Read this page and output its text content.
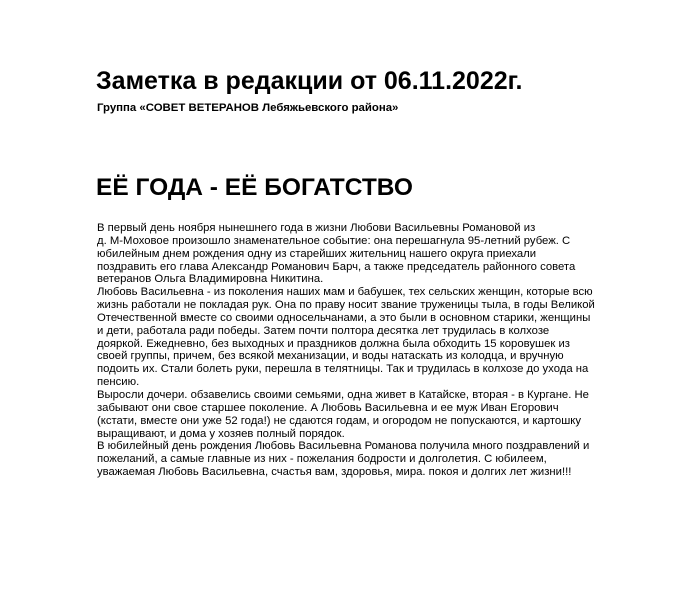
Заметка в редакции от 06.11.2022г.
Группа «СОВЕТ ВЕТЕРАНОВ Лебяжьевского района»
ЕЁ ГОДА - ЕЁ БОГАТСТВО
В первый день ноября нынешнего года в жизни Любови Васильевны Романовой из
д. М-Моховое произошло знаменательное событие: она перешагнула 95-летний рубеж. С
юбилейным днем рождения одну из старейших жительниц нашего округа приехали
поздравить его глава Александр Романович Барч, а также председатель районного совета
ветеранов Ольга Владимировна Никитина.
Любовь Васильевна - из поколения наших мам и бабушек, тех сельских женщин, которые всю
жизнь работали не покладая рук. Она по праву носит звание труженицы тыла, в годы Великой
Отечественной вместе со своими односельчанами, а это были в основном старики, женщины
и дети, работала ради победы. Затем почти полтора десятка лет трудилась в колхозе
дояркой. Ежедневно, без выходных и праздников должна была обходить 15 коровушек из
своей группы, причем, без всякой механизации, и воды натаскать из колодца, и вручную
подоить их. Стали болеть руки, перешла в телятницы. Так и трудилась в колхозе до ухода на
пенсию.
Выросли дочери. обзавелись своими семьями, одна живет в Катайске, вторая - в Кургане. Не
забывают они свое старшее поколение. А Любовь Васильевна и ее муж Иван Егорович
(кстати, вместе они уже 52 года!) не сдаются годам, и огородом не попускаются, и картошку
выращивают, и дома у хозяев полный порядок.
В юбилейный день рождения Любовь Васильевна Романова получила много поздравлений и
пожеланий, а самые главные из них - пожелания бодрости и долголетия. С юбилеем,
уважаемая Любовь Васильевна, счастья вам, здоровья, мира. покоя и долгих лет жизни!!!
